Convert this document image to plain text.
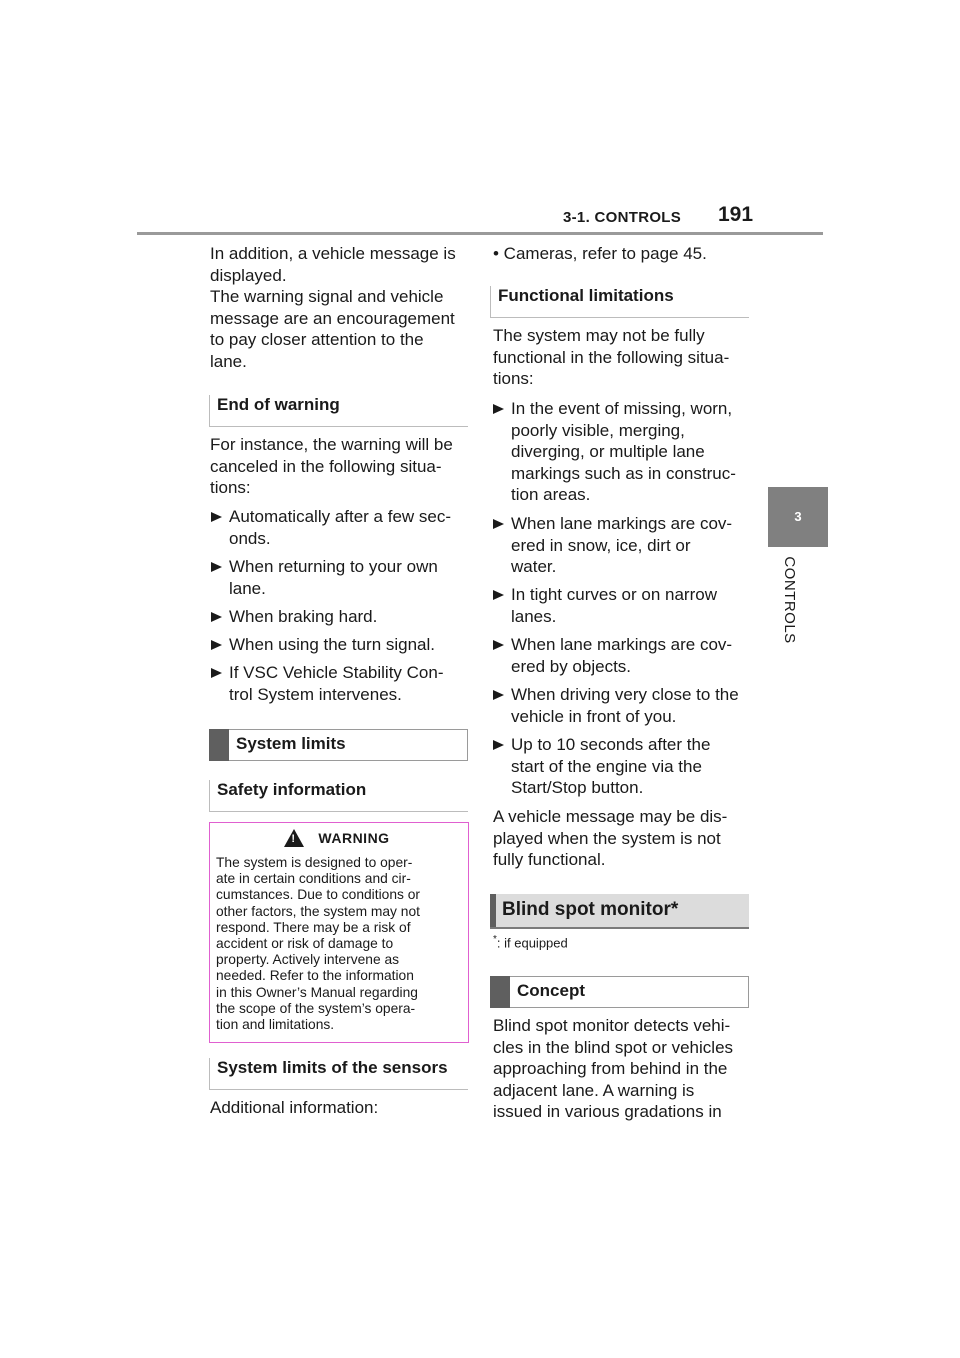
3-1. CONTROLS 191
3
CONTROLS
In addition, a vehicle message is
displayed.
The warning signal and vehicle
message are an encouragement
to pay closer attention to the
lane.
End of warning
For instance, the warning will be
canceled in the following situa-
tions:
Automatically after a few sec-
onds.
When returning to your own
lane.
When braking hard.
When using the turn signal.
If VSC Vehicle Stability Con-
trol System intervenes.
System limits
Safety information
!
WARNING
The system is designed to oper-
ate in certain conditions and cir-
cumstances. Due to conditions or
other factors, the system may not
respond. There may be a risk of
accident or risk of damage to
property. Actively intervene as
needed. Refer to the information
in this Owner’s Manual regarding
the scope of the system’s opera-
tion and limitations.
System limits of the sensors
Additional information:
• Cameras, refer to page 45.
Functional limitations
The system may not be fully
functional in the following situa-
tions:
In the event of missing, worn,
poorly visible, merging,
diverging, or multiple lane
markings such as in construc-
tion areas.
When lane markings are cov-
ered in snow, ice, dirt or
water.
In tight curves or on narrow
lanes.
When lane markings are cov-
ered by objects.
When driving very close to the
vehicle in front of you.
Up to 10 seconds after the
start of the engine via the
Start/Stop button.
A vehicle message may be dis-
played when the system is not
fully functional.
Blind spot monitor*
*: if equipped
Concept
Blind spot monitor detects vehi-
cles in the blind spot or vehicles
approaching from behind in the
adjacent lane. A warning is
issued in various gradations in
